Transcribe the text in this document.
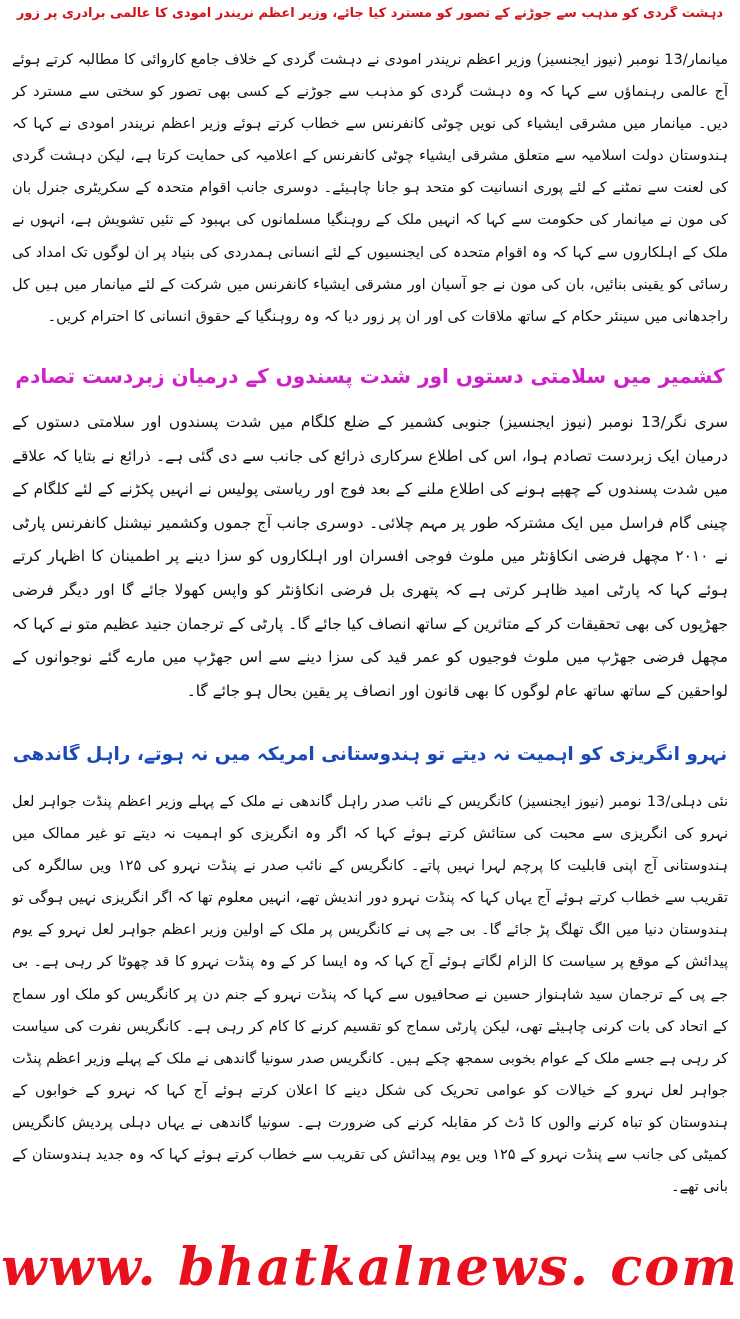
دہشت گردی کو مذہب سے جوڑنے کے تصور کو مسترد کیا جائے، وزیر اعظم نریندر امودی کا عالمی برادری پر زور
میانمار/13 نومبر (نیوز ایجنسیز) وزیر اعظم نریندر امودی نے دہشت گردی کے خلاف جامع کاروائی کا مطالبہ کرتے ہوئے آج عالمی رہنماؤں سے کہا کہ وہ دہشت گردی کو مذہب سے جوڑنے کے کسی بھی تصور کو سختی سے مسترد کر دیں۔ میانمار میں مشرقی ایشیاء کی نویں چوٹی کانفرنس سے خطاب کرتے ہوئے وزیر اعظم نریندر امودی نے کہا کہ ہندوستان دولت اسلامیہ سے متعلق مشرقی ایشیاء چوٹی کانفرنس کے اعلامیہ کی حمایت کرتا ہے، لیکن دہشت گردی کی لعنت سے نمٹنے کے لئے پوری انسانیت کو متحد ہو جانا چاہیئے۔ دوسری جانب اقوام متحدہ کے سکریٹری جنرل بان کی مون نے میانمار کی حکومت سے کہا کہ انہیں ملک کے روہنگیا مسلمانوں کی بہبود کے تئیں تشویش ہے، انہوں نے ملک کے اہلکاروں سے کہا کہ وہ اقوام متحدہ کی ایجنسیوں کے لئے انسانی ہمدردی کی بنیاد پر ان لوگوں تک امداد کی رسائی کو یقینی بنائیں، بان کی مون نے جو آسیان اور مشرقی ایشیاء کانفرنس میں شرکت کے لئے میانمار میں ہیں کل راجدھانی میں سینئر حکام کے ساتھ ملاقات کی اور ان پر زور دیا کہ وہ روہنگیا کے حقوق انسانی کا احترام کریں۔
کشمیر میں سلامتی دستوں اور شدت پسندوں کے درمیان زبردست تصادم
سری نگر/13 نومبر (نیوز ایجنسیز) جنوبی کشمیر کے ضلع کلگام میں شدت پسندوں اور سلامتی دستوں کے درمیان ایک زبردست تصادم ہوا، اس کی اطلاع سرکاری ذرائع کی جانب سے دی گئی ہے۔ ذرائع نے بتایا کہ علاقے میں شدت پسندوں کے چھپے ہونے کی اطلاع ملنے کے بعد فوج اور ریاستی پولیس نے انہیں پکڑنے کے لئے کلگام کے چینی گام فراسل میں ایک مشترکہ طور پر مہم چلائی۔ دوسری جانب آج جموں وکشمیر نیشنل کانفرنس پارٹی نے ۲۰۱۰ مچھل فرضی انکاؤنٹر میں ملوث فوجی افسران اور اہلکاروں کو سزا دینے پر اطمینان کا اظہار کرتے ہوئے کہا کہ پارٹی امید ظاہر کرتی ہے کہ پتھری بل فرضی انکاؤنٹر کو واپس کھولا جائے گا اور دیگر فرضی جھڑپوں کی بھی تحقیقات کر کے متاثرین کے ساتھ انصاف کیا جائے گا۔ پارٹی کے ترجمان جنید عظیم متو نے کہا کہ مچھل فرضی جھڑپ میں ملوث فوجیوں کو عمر قید کی سزا دینے سے اس جھڑپ میں مارے گئے نوجوانوں کے لواحقین کے ساتھ ساتھ عام لوگوں کا بھی قانون اور انصاف پر یقین بحال ہو جائے گا۔
نہرو انگریزی کو اہمیت نہ دیتے تو ہندوستانی امریکہ میں نہ ہوتے، راہل گاندھی
نئی دہلی/13 نومبر (نیوز ایجنسیز) کانگریس کے نائب صدر راہل گاندھی نے ملک کے پہلے وزیر اعظم پنڈت جواہر لعل نہرو کی انگریزی سے محبت کی ستائش کرتے ہوئے کہا کہ اگر وہ انگریزی کو اہمیت نہ دیتے تو غیر ممالک میں ہندوستانی آج اپنی قابلیت کا پرچم لہرا نہیں پاتے۔ کانگریس کے نائب صدر نے پنڈت نہرو کی ۱۲۵ ویں سالگرہ کی تقریب سے خطاب کرتے ہوئے آج یہاں کہا کہ پنڈت نہرو دور اندیش تھے، انہیں معلوم تھا کہ اگر انگریزی نہیں ہوگی تو ہندوستان دنیا میں الگ تھلگ پڑ جائے گا۔ بی جے پی نے کانگریس پر ملک کے اولین وزیر اعظم جواہر لعل نہرو کے یوم پیدائش کے موقع پر سیاست کا الزام لگاتے ہوئے آج کہا کہ وہ ایسا کر کے وہ پنڈت نہرو کا قد چھوٹا کر رہی ہے۔ بی جے پی کے ترجمان سید شاہنواز حسین نے صحافیوں سے کہا کہ پنڈت نہرو کے جنم دن پر کانگریس کو ملک اور سماج کے اتحاد کی بات کرنی چاہیئے تھی، لیکن پارٹی سماج کو تقسیم کرنے کا کام کر رہی ہے۔ کانگریس نفرت کی سیاست کر رہی ہے جسے ملک کے عوام بخوبی سمجھ چکے ہیں۔ کانگریس صدر سونیا گاندھی نے ملک کے پہلے وزیر اعظم پنڈت جواہر لعل نہرو کے خیالات کو عوامی تحریک کی شکل دینے کا اعلان کرتے ہوئے آج کہا کہ نہرو کے خوابوں کے ہندوستان کو تباہ کرنے والوں کا ڈٹ کر مقابلہ کرنے کی ضرورت ہے۔ سونیا گاندھی نے یہاں دہلی پردیش کانگریس کمیٹی کی جانب سے پنڈت نہرو کے ۱۲۵ ویں یوم پیدائش کی تقریب سے خطاب کرتے ہوئے کہا کہ وہ جدید ہندوستان کے بانی تھے۔
www. bhatkalnews. com
